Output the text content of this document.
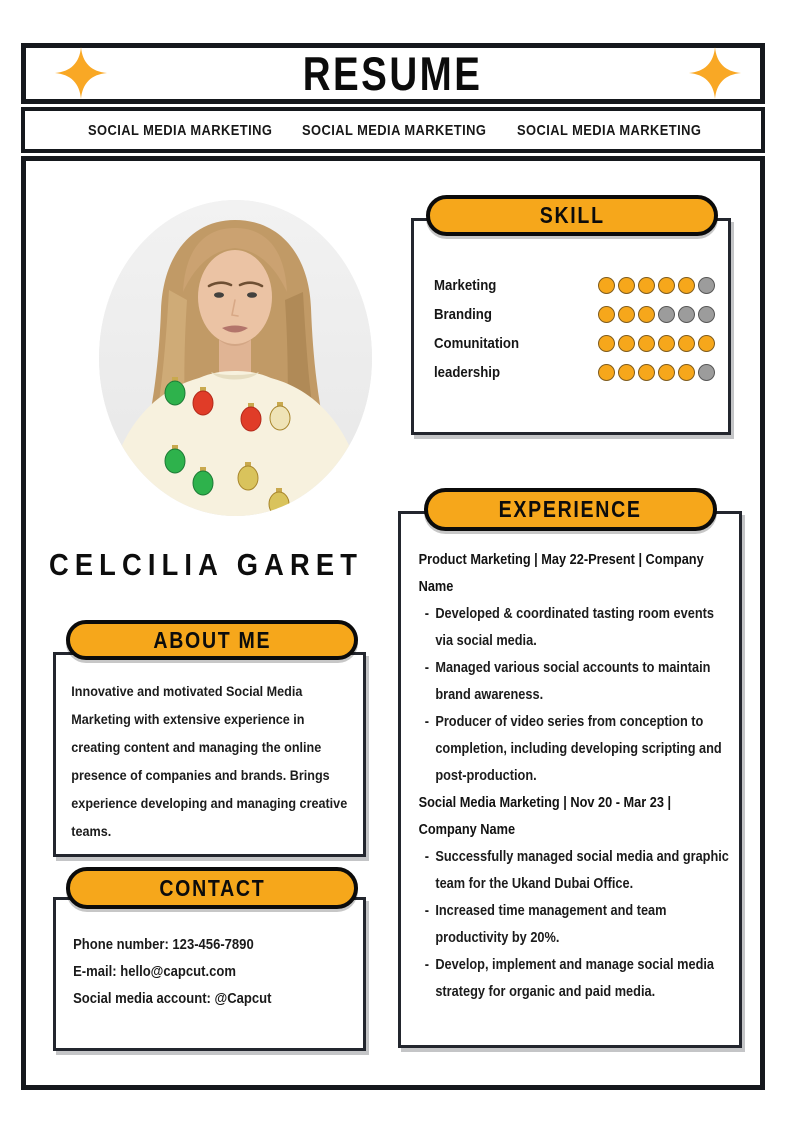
RESUME
SOCIAL MEDIA MARKETING SOCIAL MEDIA MARKETING SOCIAL MEDIA MARKETING
CELCILIA GARET
Innovative and motivated Social Media Marketing with extensive experience in creating content and managing the online presence of companies and brands. Brings experience developing and managing creative teams.
ABOUT ME
Phone number: 123-456-7890
E-mail: hello@capcut.com
Social media account: @Capcut
CONTACT
Marketing
Branding
Comunitation
leadership
SKILL
Product Marketing | May 22-Present | Company Name
- Developed & coordinated tasting room events via social media.
- Managed various social accounts to maintain brand awareness.
- Producer of video series from conception to completion, including developing scripting and post-production.
Social Media Marketing | Nov 20 - Mar 23 | Company Name
- Successfully managed social media and graphic team for the Ukand Dubai Office.
- Increased time management and team productivity by 20%.
- Develop, implement and manage social media strategy for organic and paid media.
EXPERIENCE
